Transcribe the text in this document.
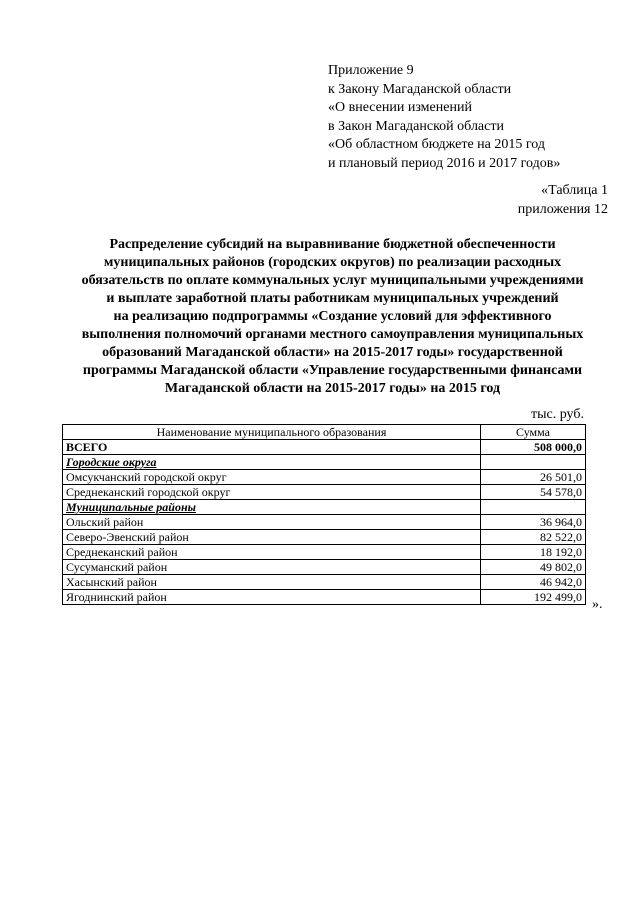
Приложение 9
к Закону Магаданской области
«О внесении изменений
в Закон Магаданской области
«Об областном бюджете на 2015 год
и плановый период 2016 и 2017 годов»
«Таблица 1
приложения 12
Распределение субсидий на выравнивание бюджетной обеспеченности
муниципальных районов (городских округов) по реализации расходных
обязательств по оплате коммунальных услуг муниципальными учреждениями
и выплате заработной платы работникам муниципальных учреждений
на реализацию подпрограммы «Создание условий для эффективного
выполнения полномочий органами местного самоуправления муниципальных
образований Магаданской области» на 2015-2017 годы» государственной
программы Магаданской области «Управление государственными финансами
Магаданской области на 2015-2017 годы» на 2015 год
тыс. руб.
Наименование муниципального образования	Сумма
ВСЕГО	508 000,0
Городские округа	
Омсукчанский городской округ	26 501,0
Среднеканский городской округ	54 578,0
Муниципальные районы	
Ольский район	36 964,0
Северо-Эвенский район	82 522,0
Среднеканский район	18 192,0
Сусуманский район	49 802,0
Хасынский район	46 942,0
Ягоднинский район	192 499,0 ».
